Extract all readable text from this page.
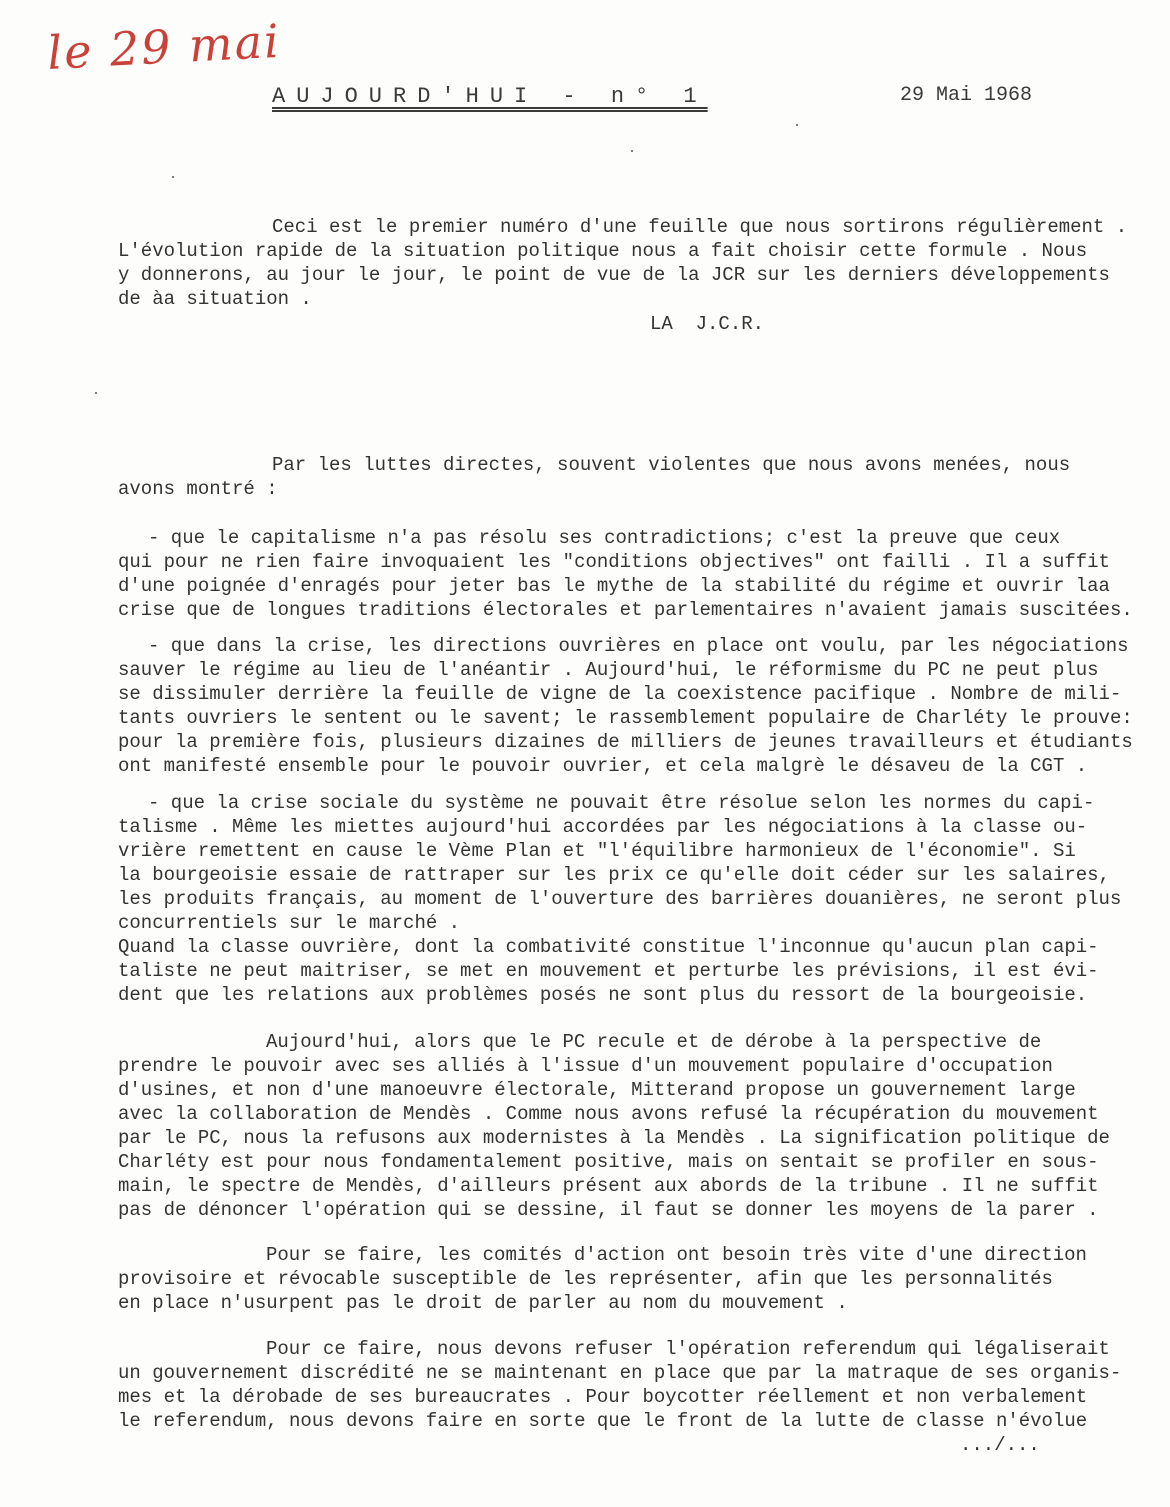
le 29 mai
AUJOURD'HUI - n° 1	29 Mai 1968
Ceci est le premier numéro d'une feuille que nous sortirons régulièrement .
L'évolution rapide de la situation politique nous a fait choisir cette formule . Nous
y donnerons, au jour le jour, le point de vue de la JCR sur les derniers développements
de àa situation .
LA  J.C.R.
Par les luttes directes, souvent violentes que nous avons menées, nous
avons montré :
- que le capitalisme n'a pas résolu ses contradictions; c'est la preuve que ceux
qui pour ne rien faire invoquaient les "conditions objectives" ont failli . Il a suffit
d'une poignée d'enragés pour jeter bas le mythe de la stabilité du régime et ouvrir laa
crise que de longues traditions électorales et parlementaires n'avaient jamais suscitées.
- que dans la crise, les directions ouvrières en place ont voulu, par les négociations
sauver le régime au lieu de l'anéantir . Aujourd'hui, le réformisme du PC ne peut plus
se dissimuler derrière la feuille de vigne de la coexistence pacifique . Nombre de mili-
tants ouvriers le sentent ou le savent; le rassemblement populaire de Charléty le prouve:
pour la première fois, plusieurs dizaines de milliers de jeunes travailleurs et étudiants
ont manifesté ensemble pour le pouvoir ouvrier, et cela malgrè le désaveu de la CGT .
- que la crise sociale du système ne pouvait être résolue selon les normes du capi-
talisme . Même les miettes aujourd'hui accordées par les négociations à la classe ou-
vrière remettent en cause le Vème Plan et "l'équilibre harmonieux de l'économie". Si
la bourgeoisie essaie de rattraper sur les prix ce qu'elle doit céder sur les salaires,
les produits français, au moment de l'ouverture des barrières douanières, ne seront plus
concurrentiels sur le marché .
Quand la classe ouvrière, dont la combativité constitue l'inconnue qu'aucun plan capi-
taliste ne peut maitriser, se met en mouvement et perturbe les prévisions, il est évi-
dent que les relations aux problèmes posés ne sont plus du ressort de la bourgeoisie.
Aujourd'hui, alors que le PC recule et de dérobe à la perspective de
prendre le pouvoir avec ses alliés à l'issue d'un mouvement populaire d'occupation
d'usines, et non d'une manoeuvre électorale, Mitterand propose un gouvernement large
avec la collaboration de Mendès . Comme nous avons refusé la récupération du mouvement
par le PC, nous la refusons aux modernistes à la Mendès . La signification politique de
Charléty est pour nous fondamentalement positive, mais on sentait se profiler en sous-
main, le spectre de Mendès, d'ailleurs présent aux abords de la tribune . Il ne suffit
pas de dénoncer l'opération qui se dessine, il faut se donner les moyens de la parer .
Pour se faire, les comités d'action ont besoin très vite d'une direction
provisoire et révocable susceptible de les représenter, afin que les personnalités
en place n'usurpent pas le droit de parler au nom du mouvement .
Pour ce faire, nous devons refuser l'opération referendum qui légaliserait
un gouvernement discrédité ne se maintenant en place que par la matraque de ses organis-
mes et la dérobade de ses bureaucrates . Pour boycotter réellement et non verbalement
le referendum, nous devons faire en sorte que le front de la lutte de classe n'évolue
.../...
